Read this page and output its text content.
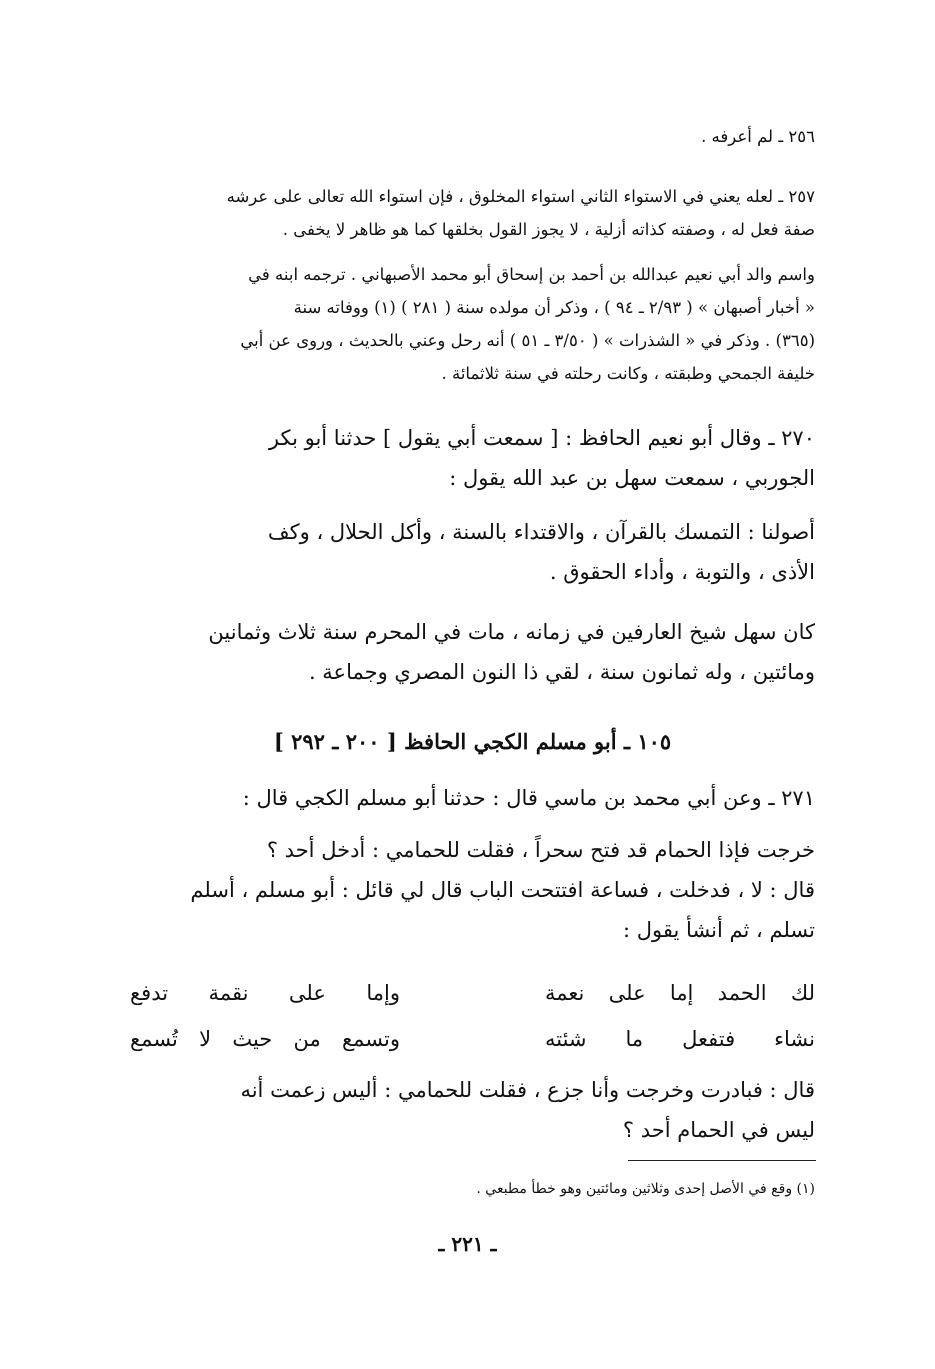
٢٥٦ ـ لم أعرفه .
٢٥٧ ـ لعله يعني في الاستواء الثاني استواء المخلوق ، فإن استواء الله تعالى على عرشه
صفة فعل له ، وصفته كذاته أزلية ، لا يجوز القول بخلقها كما هو ظاهر لا يخفى .
واسم والد أبي نعيم عبدالله بن أحمد بن إسحاق أبو محمد الأصبهاني . ترجمه ابنه في
« أخبار أصبهان » ( ٢/٩٣ ـ ٩٤ ) ، وذكر أن مولده سنة ( ٢٨١ ) (١) ووفاته سنة
(٣٦٥) . وذكر في « الشذرات » ( ٣/٥٠ ـ ٥١ ) أنه رحل وعني بالحديث ، وروى عن أبي
خليفة الجمحي وطبقته ، وكانت رحلته في سنة ثلاثمائة .
٢٧٠ ـ وقال أبو نعيم الحافظ : [ سمعت أبي يقول ] حدثنا أبو بكر
الجوربي ، سمعت سهل بن عبد الله يقول :
أصولنا : التمسك بالقرآن ، والاقتداء بالسنة ، وأكل الحلال ، وكف
الأذى ، والتوبة ، وأداء الحقوق .
كان سهل شيخ العارفين في زمانه ، مات في المحرم سنة ثلاث وثمانين
ومائتين ، وله ثمانون سنة ، لقي ذا النون المصري وجماعة .
١٠٥ ـ أبو مسلم الكجي الحافظ [ ٢٠٠ ـ ٢٩٢ ]
٢٧١ ـ وعن أبي محمد بن ماسي قال : حدثنا أبو مسلم الكجي قال :
خرجت فإذا الحمام قد فتح سحراً ، فقلت للحمامي : أدخل أحد ؟
قال : لا ، فدخلت ، فساعة افتتحت الباب قال لي قائل : أبو مسلم ، أسلم
تسلم ، ثم أنشأ يقول :
لك الحمد إما على نعمة
وإما على نقمة تدفع
نشاء فتفعل ما شئته
وتسمع من حيث لا تُسمع
قال : فبادرت وخرجت وأنا جزع ، فقلت للحمامي : أليس زعمت أنه
ليس في الحمام أحد ؟
(١) وقع في الأصل إحدى وثلاثين ومائتين وهو خطأ مطبعي .
ـ ٢٢١ ـ
